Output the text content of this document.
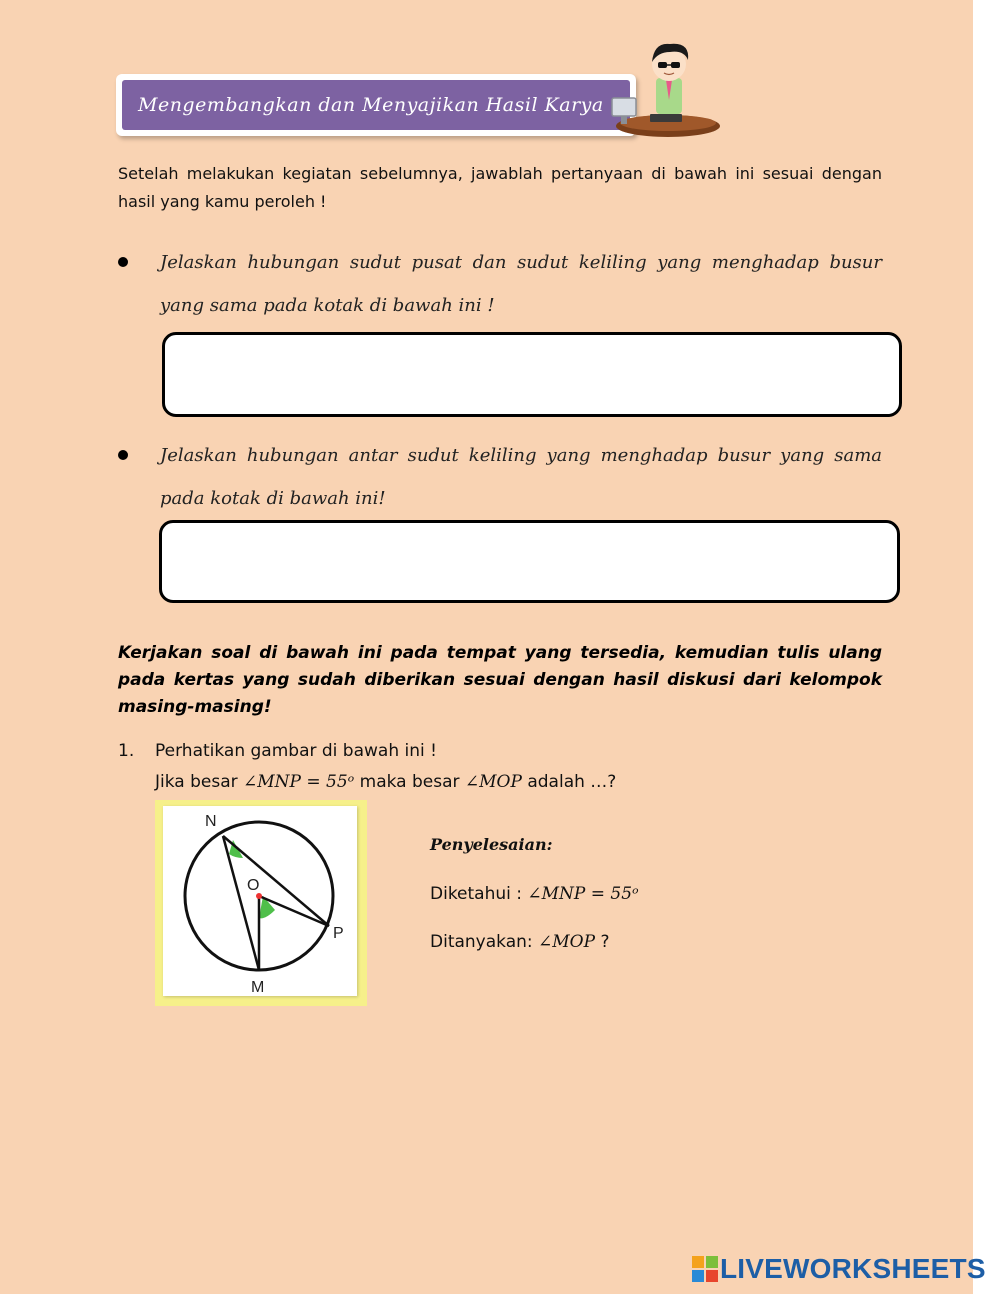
Mengembangkan dan Menyajikan Hasil Karya
Setelah melakukan kegiatan sebelumnya, jawablah pertanyaan di bawah ini sesuai dengan hasil yang kamu peroleh !
Jelaskan hubungan sudut pusat dan sudut keliling yang menghadap busur yang sama pada kotak di bawah ini !
Jelaskan hubungan antar sudut keliling yang menghadap busur yang sama pada kotak di bawah ini!
Kerjakan soal di bawah ini pada tempat yang tersedia, kemudian tulis ulang pada kertas yang sudah diberikan sesuai dengan hasil diskusi dari kelompok masing-masing!
1. Perhatikan gambar di bawah ini !
Jika besar ∠MNP = 55ᵒ maka besar ∠MOP adalah …?
N
O
P
M
Penyelesaian:
Diketahui : ∠MNP = 55ᵒ
Ditanyakan: ∠MOP ?
LIVEWORKSHEETS
